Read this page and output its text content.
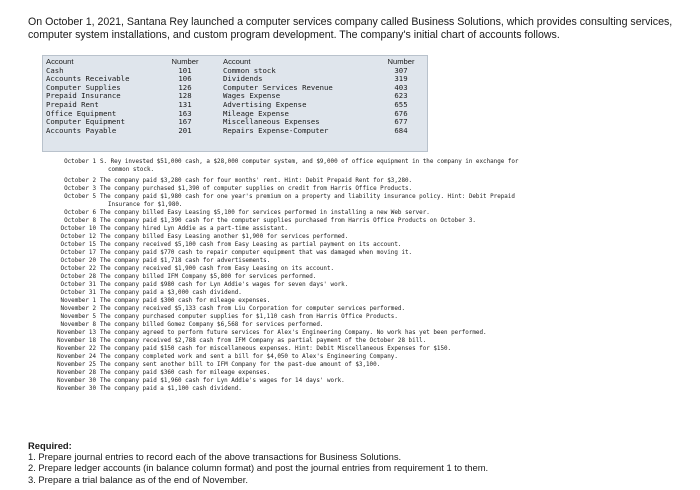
On October 1, 2021, Santana Rey launched a computer services company called Business Solutions, which provides consulting services, computer system installations, and custom program development. The company's initial chart of accounts follows.

Account
Cash
Accounts Receivable
Computer Supplies
Prepaid Insurance
Prepaid Rent
Office Equipment
Computer Equipment
Accounts Payable
Number
101
106
126
128
131
163
167
201
Account
Common stock
Dividends
Computer Services Revenue
Wages Expense
Advertising Expense
Mileage Expense
Miscellaneous Expenses
Repairs Expense-Computer
Number
307
319
403
623
655
676
677
684
October 1 S. Rey invested $51,000 cash, a $28,000 computer system, and $9,000 of office equipment in the company in exchange for
common stock.
October 2 The company paid $3,280 cash for four months' rent. Hint: Debit Prepaid Rent for $3,280.
October 3 The company purchased $1,390 of computer supplies on credit from Harris Office Products.
October 5 The company paid $1,980 cash for one year's premium on a property and liability insurance policy. Hint: Debit Prepaid
Insurance for $1,980.
October 6 The company billed Easy Leasing $5,100 for services performed in installing a new Web server.
October 8 The company paid $1,390 cash for the computer supplies purchased from Harris Office Products on October 3.
October 10 The company hired Lyn Addie as a part-time assistant.
October 12 The company billed Easy Leasing another $1,900 for services performed.
October 15 The company received $5,100 cash from Easy Leasing as partial payment on its account.
October 17 The company paid $770 cash to repair computer equipment that was damaged when moving it.
October 20 The company paid $1,718 cash for advertisements.
October 22 The company received $1,900 cash from Easy Leasing on its account.
October 28 The company billed IFM Company $5,800 for services performed.
October 31 The company paid $980 cash for Lyn Addie's wages for seven days' work.
October 31 The company paid a $3,000 cash dividend.
November 1 The company paid $300 cash for mileage expenses.
November 2 The company received $5,133 cash from Liu Corporation for computer services performed.
November 5 The company purchased computer supplies for $1,110 cash from Harris Office Products.
November 8 The company billed Gomez Company $6,568 for services performed.
November 13 The company agreed to perform future services for Alex's Engineering Company. No work has yet been performed.
November 18 The company received $2,788 cash from IFM Company as partial payment of the October 28 bill.
November 22 The company paid $150 cash for miscellaneous expenses. Hint: Debit Miscellaneous Expenses for $150.
November 24 The company completed work and sent a bill for $4,050 to Alex's Engineering Company.
November 25 The company sent another bill to IFM Company for the past-due amount of $3,100.
November 28 The company paid $360 cash for mileage expenses.
November 30 The company paid $1,960 cash for Lyn Addie's wages for 14 days' work.
November 30 The company paid a $1,100 cash dividend.
Required:
1. Prepare journal entries to record each of the above transactions for Business Solutions.
2. Prepare ledger accounts (in balance column format) and post the journal entries from requirement 1 to them.
3. Prepare a trial balance as of the end of November.
